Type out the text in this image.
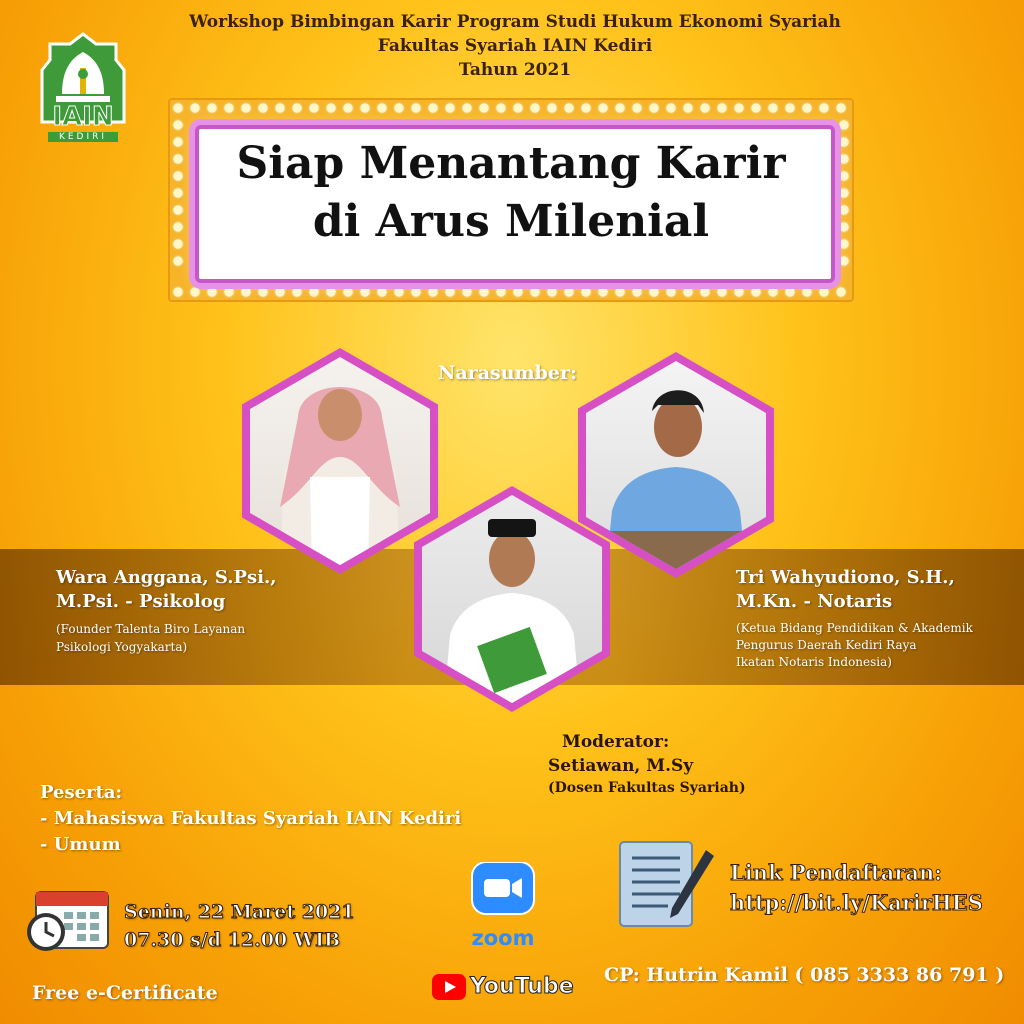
Workshop Bimbingan Karir Program Studi Hukum Ekonomi Syariah
Fakultas Syariah IAIN Kediri
Tahun 2021
IAIN
KEDIRI
Siap Menantang Karir
di Arus Milenial
Narasumber:
Wara Anggana, S.Psi.,
M.Psi. - Psikolog
(Founder Talenta Biro Layanan
Psikologi Yogyakarta)
Tri Wahyudiono, S.H.,
M.Kn. - Notaris
(Ketua Bidang Pendidikan & Akademik
Pengurus Daerah Kediri Raya
Ikatan Notaris Indonesia)
Moderator:
Setiawan, M.Sy
(Dosen Fakultas Syariah)
Peserta:
- Mahasiswa Fakultas Syariah IAIN Kediri
- Umum
Senin, 22 Maret 2021
07.30 s/d 12.00 WIB
Free e-Certificate
zoom
YouTube
Link Pendaftaran:
http://bit.ly/KarirHES
CP: Hutrin Kamil ( 085 3333 86 791 )
